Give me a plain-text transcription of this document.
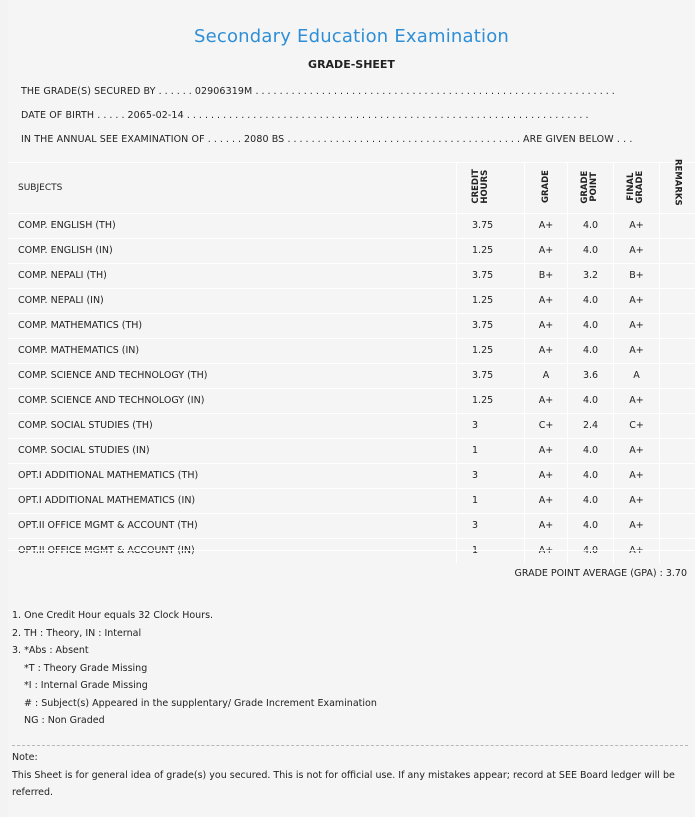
Secondary Education Examination
GRADE-SHEET
THE GRADE(S) SECURED BY . . . . . . 02906319M . . . . . . . . . . . . . . . . . . . . . . . . . . . . . . . . . . . . . . . . . . . . . . . . . . . . . . . . . . . .
DATE OF BIRTH . . . . . 2065-02-14 . . . . . . . . . . . . . . . . . . . . . . . . . . . . . . . . . . . . . . . . . . . . . . . . . . . . . . . . . . . . . . . . . . .
IN THE ANNUAL SEE EXAMINATION OF . . . . . . 2080 BS . . . . . . . . . . . . . . . . . . . . . . . . . . . . . . . . . . . . . . . ARE GIVEN BELOW . . .
SUBJECTS	CREDIT HOURS	GRADE	GRADE POINT	FINAL GRADE	REMARKS
COMP. ENGLISH (TH)	3.75	A+	4.0	A+	
COMP. ENGLISH (IN)	1.25	A+	4.0	A+	
COMP. NEPALI (TH)	3.75	B+	3.2	B+	
COMP. NEPALI (IN)	1.25	A+	4.0	A+	
COMP. MATHEMATICS (TH)	3.75	A+	4.0	A+	
COMP. MATHEMATICS (IN)	1.25	A+	4.0	A+	
COMP. SCIENCE AND TECHNOLOGY (TH)	3.75	A	3.6	A	
COMP. SCIENCE AND TECHNOLOGY (IN)	1.25	A+	4.0	A+	
COMP. SOCIAL STUDIES (TH)	3	C+	2.4	C+	
COMP. SOCIAL STUDIES (IN)	1	A+	4.0	A+	
OPT.I ADDITIONAL MATHEMATICS (TH)	3	A+	4.0	A+	
OPT.I ADDITIONAL MATHEMATICS (IN)	1	A+	4.0	A+	
OPT.II OFFICE MGMT & ACCOUNT (TH)	3	A+	4.0	A+	
OPT.II OFFICE MGMT & ACCOUNT (IN)	1	A+	4.0	A+	
GRADE POINT AVERAGE (GPA) : 3.70
1. One Credit Hour equals 32 Clock Hours.
2. TH : Theory, IN : Internal
3. *Abs : Absent
*T : Theory Grade Missing
*I : Internal Grade Missing
# : Subject(s) Appeared in the supplentary/ Grade Increment Examination
NG : Non Graded
Note:
This Sheet is for general idea of grade(s) you secured. This is not for official use. If any mistakes appear; record at SEE Board ledger will be referred.
